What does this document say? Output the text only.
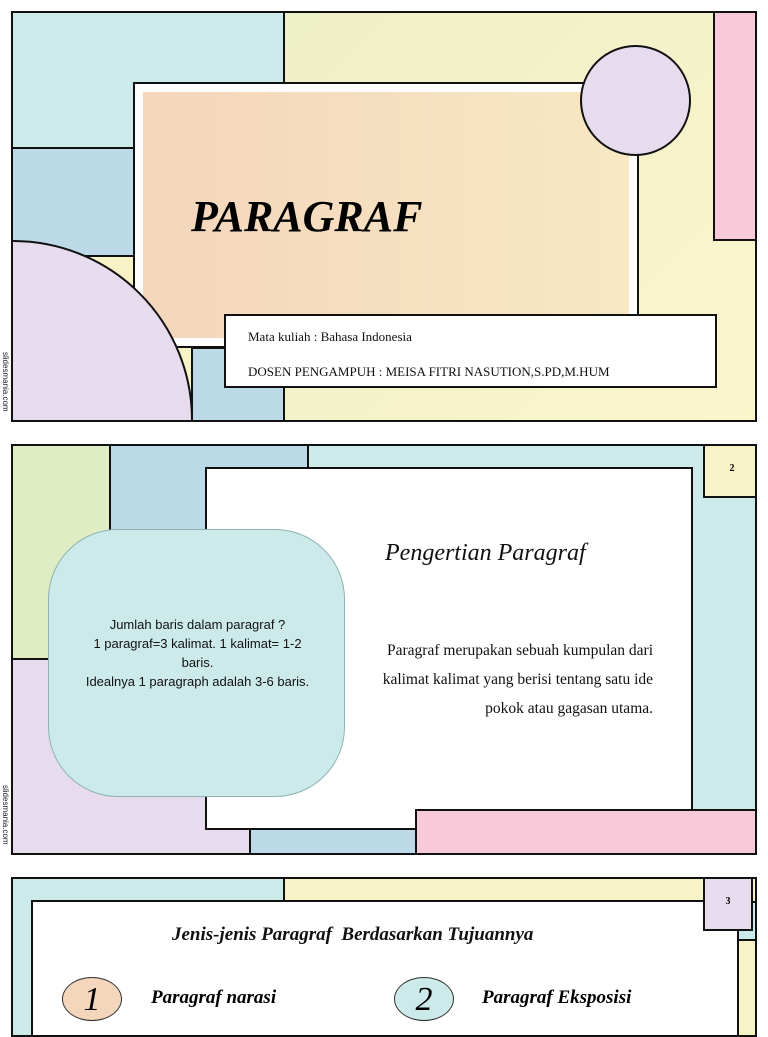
PARAGRAF
Mata kuliah : Bahasa Indonesia
DOSEN PENGAMPUH : MEISA FITRI NASUTION,S.PD,M.HUM
slidesmania.com
2
Pengertian Paragraf
Paragraf merupakan sebuah kumpulan dari kalimat kalimat yang berisi tentang satu ide pokok atau gagasan utama.
Jumlah baris dalam paragraf ?
1 paragraf=3 kalimat. 1 kalimat= 1-2 baris.
Idealnya 1 paragraph adalah 3-6 baris.
slidesmania.com
3
Jenis-jenis Paragraf  Berdasarkan Tujuannya
1	Paragraf narasi	2	Paragraf Eksposisi
